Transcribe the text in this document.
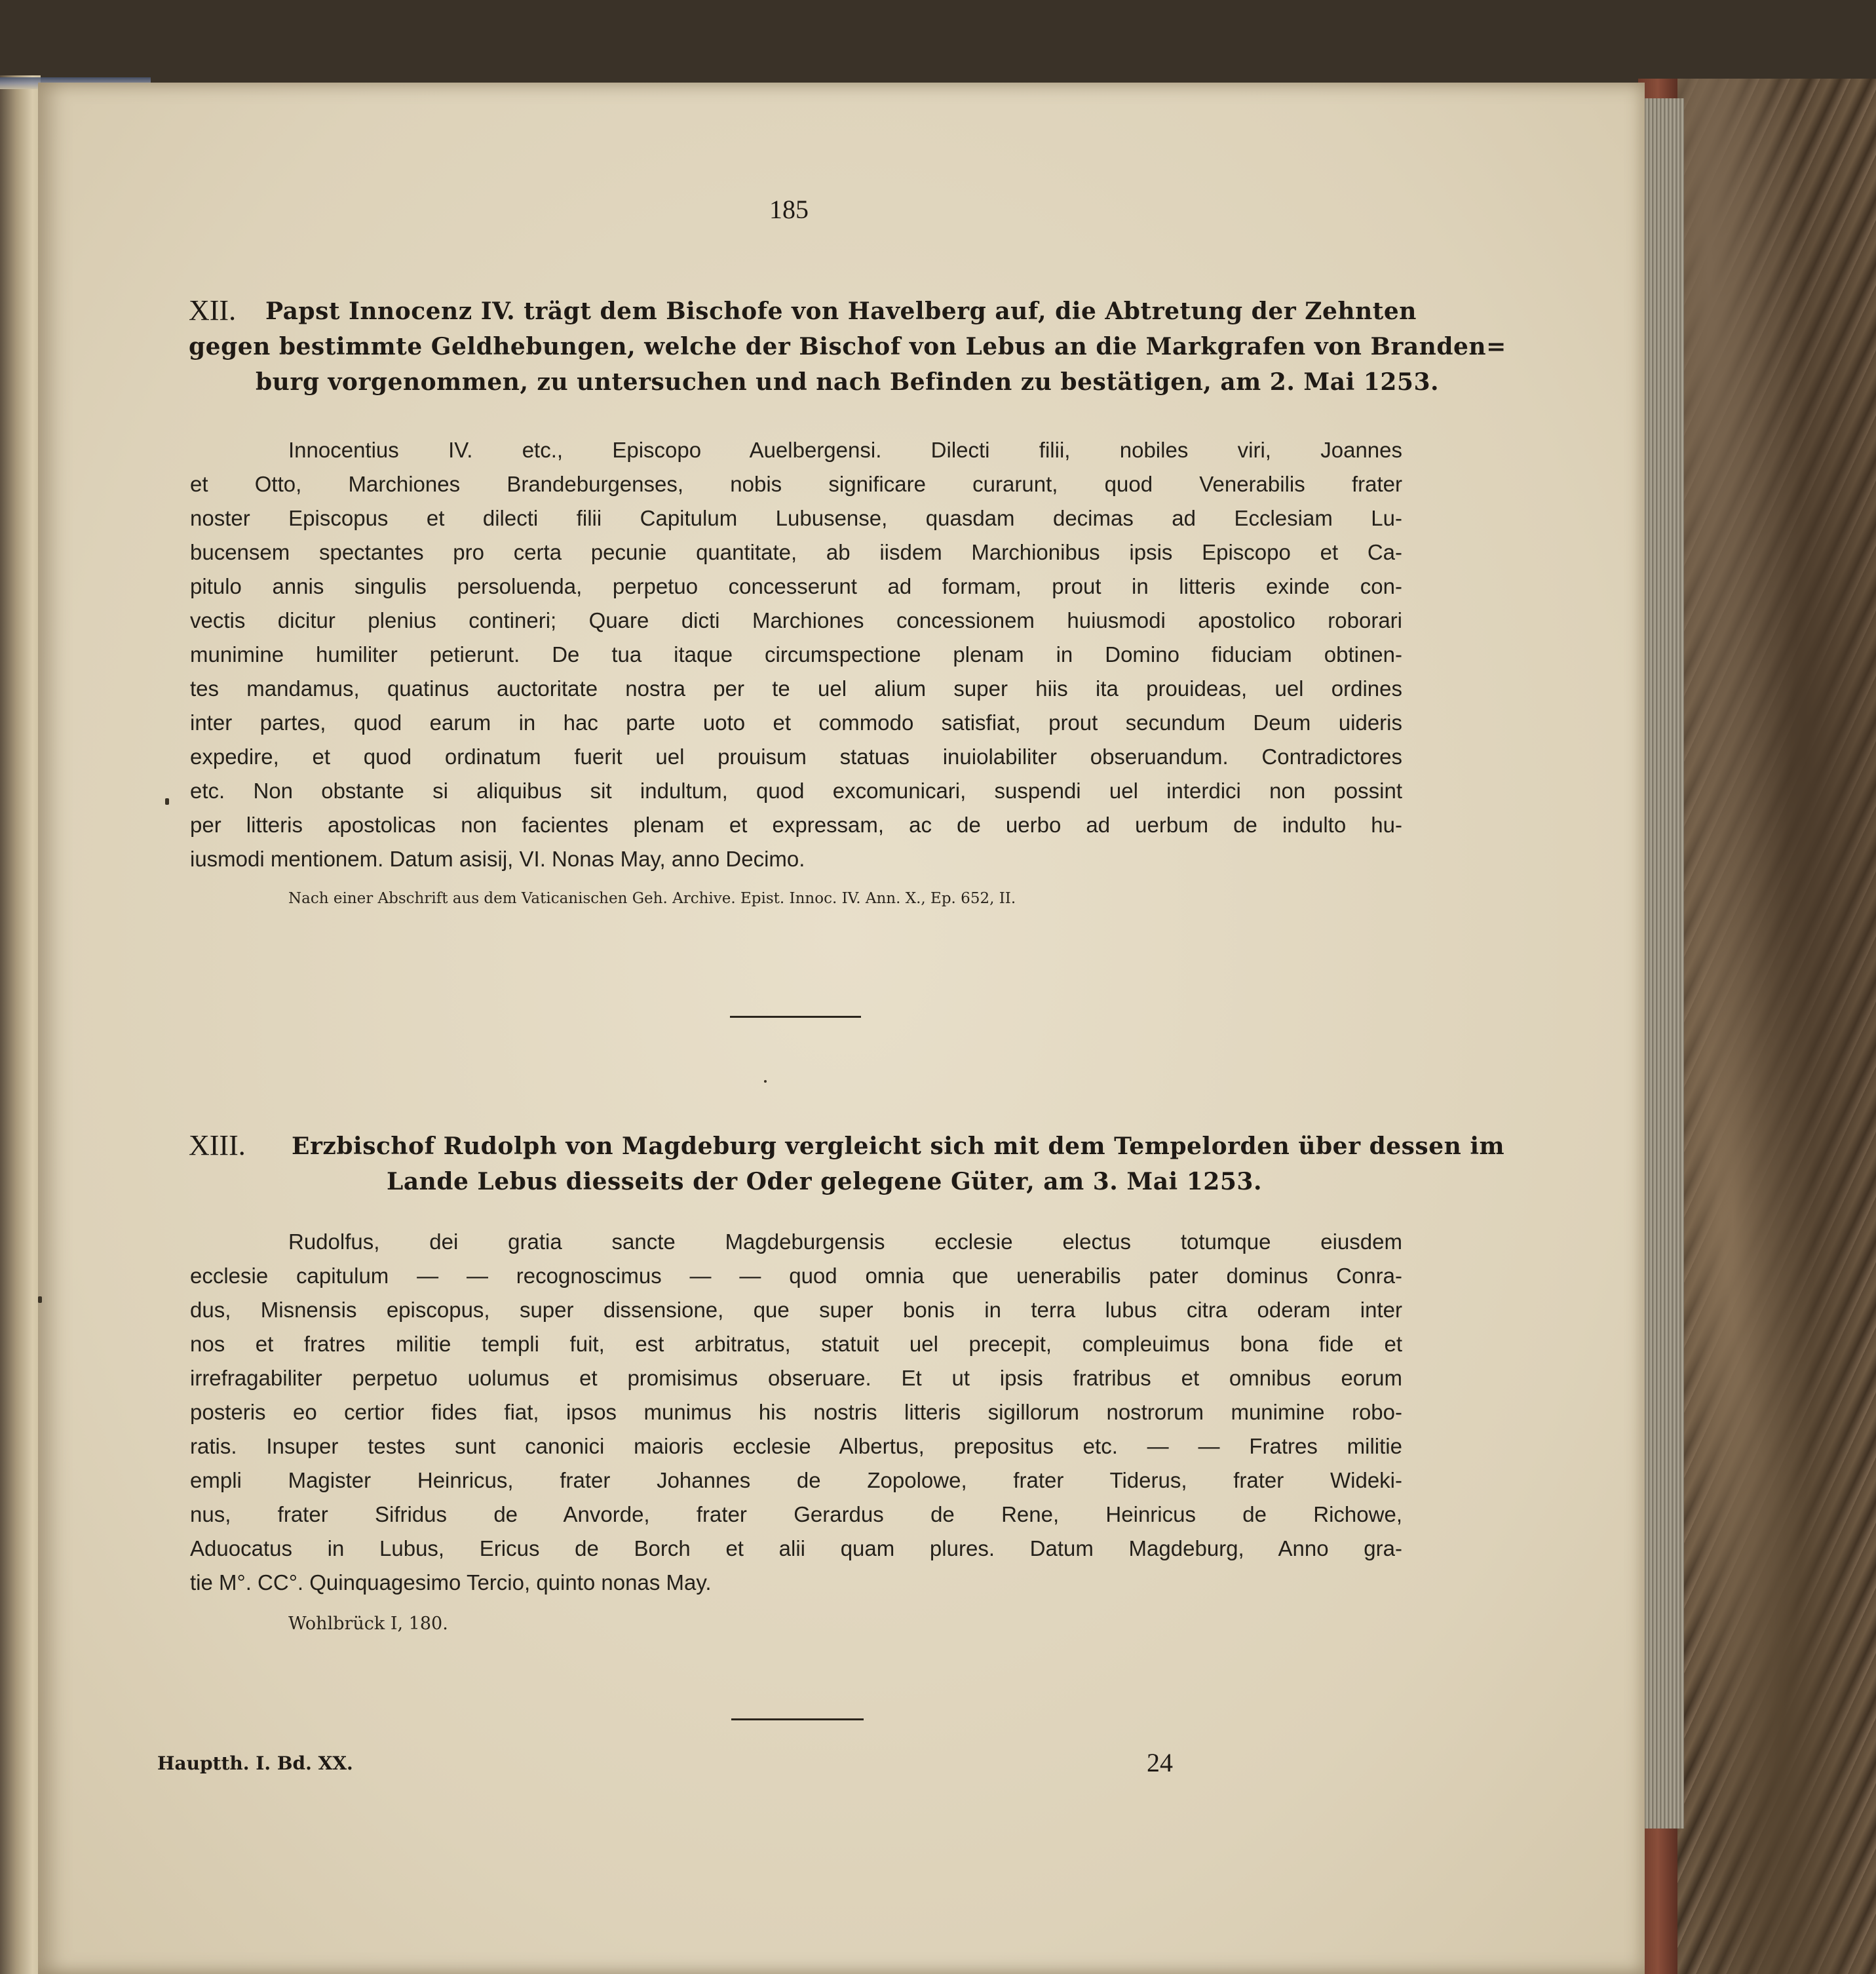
185
XII. Papst Innocenz IV. trägt dem Bischofe von Havelberg auf, die Abtretung der Zehnten
gegen bestimmte Geldhebungen, welche der Bischof von Lebus an die Markgrafen von Branden=
burg vorgenommen, zu untersuchen und nach Befinden zu bestätigen, am 2. Mai 1253.
Innocentius IV. etc., Episcopo Auelbergensi. Dilecti filii, nobiles viri, Joannes
et Otto, Marchiones Brandeburgenses, nobis significare curarunt, quod Venerabilis frater
noster Episcopus et dilecti filii Capitulum Lubusense, quasdam decimas ad Ecclesiam Lu-
bucensem spectantes pro certa pecunie quantitate, ab iisdem Marchionibus ipsis Episcopo et Ca-
pitulo annis singulis persoluenda, perpetuo concesserunt ad formam, prout in litteris exinde con-
vectis dicitur plenius contineri; Quare dicti Marchiones concessionem huiusmodi apostolico roborari
munimine humiliter petierunt. De tua itaque circumspectione plenam in Domino fiduciam obtinen-
tes mandamus, quatinus auctoritate nostra per te uel alium super hiis ita prouideas, uel ordines
inter partes, quod earum in hac parte uoto et commodo satisfiat, prout secundum Deum uideris
expedire, et quod ordinatum fuerit uel prouisum statuas inuiolabiliter obseruandum. Contradictores
etc. Non obstante si aliquibus sit indultum, quod excomunicari, suspendi uel interdici non possint
per litteris apostolicas non facientes plenam et expressam, ac de uerbo ad uerbum de indulto hu-
iusmodi mentionem. Datum asisij, VI. Nonas May, anno Decimo.
Nach einer Abschrift aus dem Vaticanischen Geh. Archive. Epist. Innoc. IV. Ann. X., Ep. 652, II.
XIII. Erzbischof Rudolph von Magdeburg vergleicht sich mit dem Tempelorden über dessen im
Lande Lebus diesseits der Oder gelegene Güter, am 3. Mai 1253.
Rudolfus, dei gratia sancte Magdeburgensis ecclesie electus totumque eiusdem
ecclesie capitulum — — recognoscimus — — quod omnia que uenerabilis pater dominus Conra-
dus, Misnensis episcopus, super dissensione, que super bonis in terra lubus citra oderam inter
nos et fratres militie templi fuit, est arbitratus, statuit uel precepit, compleuimus bona fide et
irrefragabiliter perpetuo uolumus et promisimus obseruare. Et ut ipsis fratribus et omnibus eorum
posteris eo certior fides fiat, ipsos munimus his nostris litteris sigillorum nostrorum munimine robo-
ratis. Insuper testes sunt canonici maioris ecclesie Albertus, prepositus etc. — — Fratres militie
empli Magister Heinricus, frater Johannes de Zopolowe, frater Tiderus, frater Wideki-
nus, frater Sifridus de Anvorde, frater Gerardus de Rene, Heinricus de Richowe,
Aduocatus in Lubus, Ericus de Borch et alii quam plures. Datum Magdeburg, Anno gra-
tie M°. CC°. Quinquagesimo Tercio, quinto nonas May.
Wohlbrück I, 180.
Hauptth. I. Bd. XX.	24
